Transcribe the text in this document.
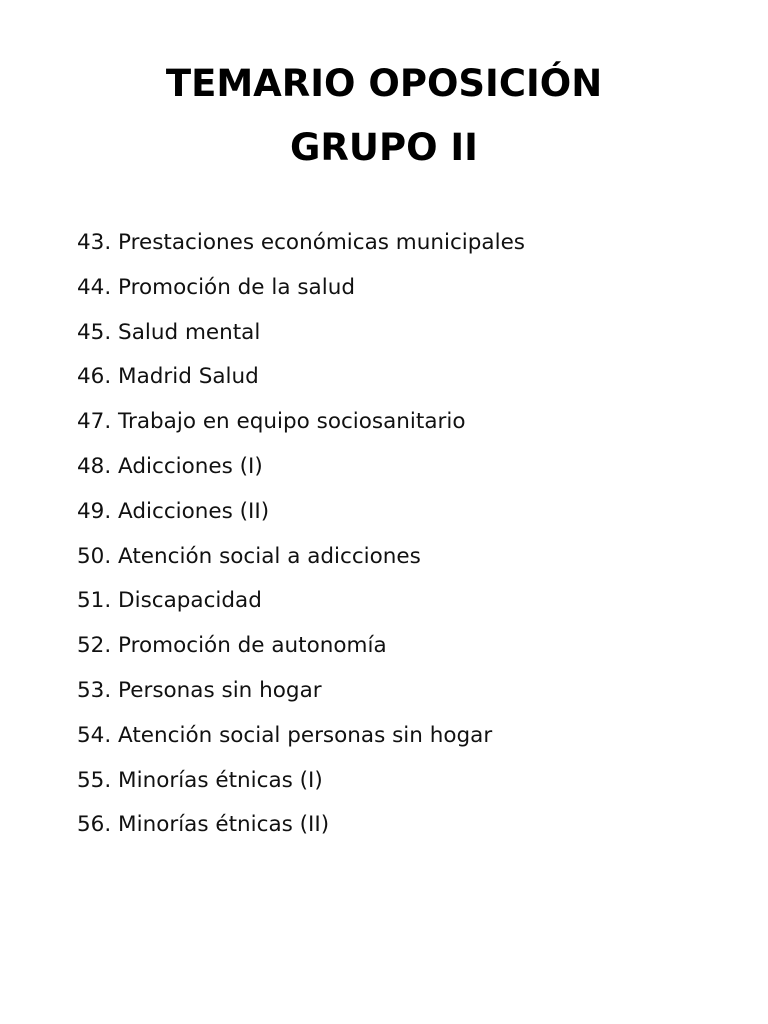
TEMARIO OPOSICIÓN
GRUPO II
43. Prestaciones económicas municipales
44. Promoción de la salud
45. Salud mental
46. Madrid Salud
47. Trabajo en equipo sociosanitario
48. Adicciones (I)
49. Adicciones (II)
50. Atención social a adicciones
51. Discapacidad
52. Promoción de autonomía
53. Personas sin hogar
54. Atención social personas sin hogar
55. Minorías étnicas (I)
56. Minorías étnicas (II)
